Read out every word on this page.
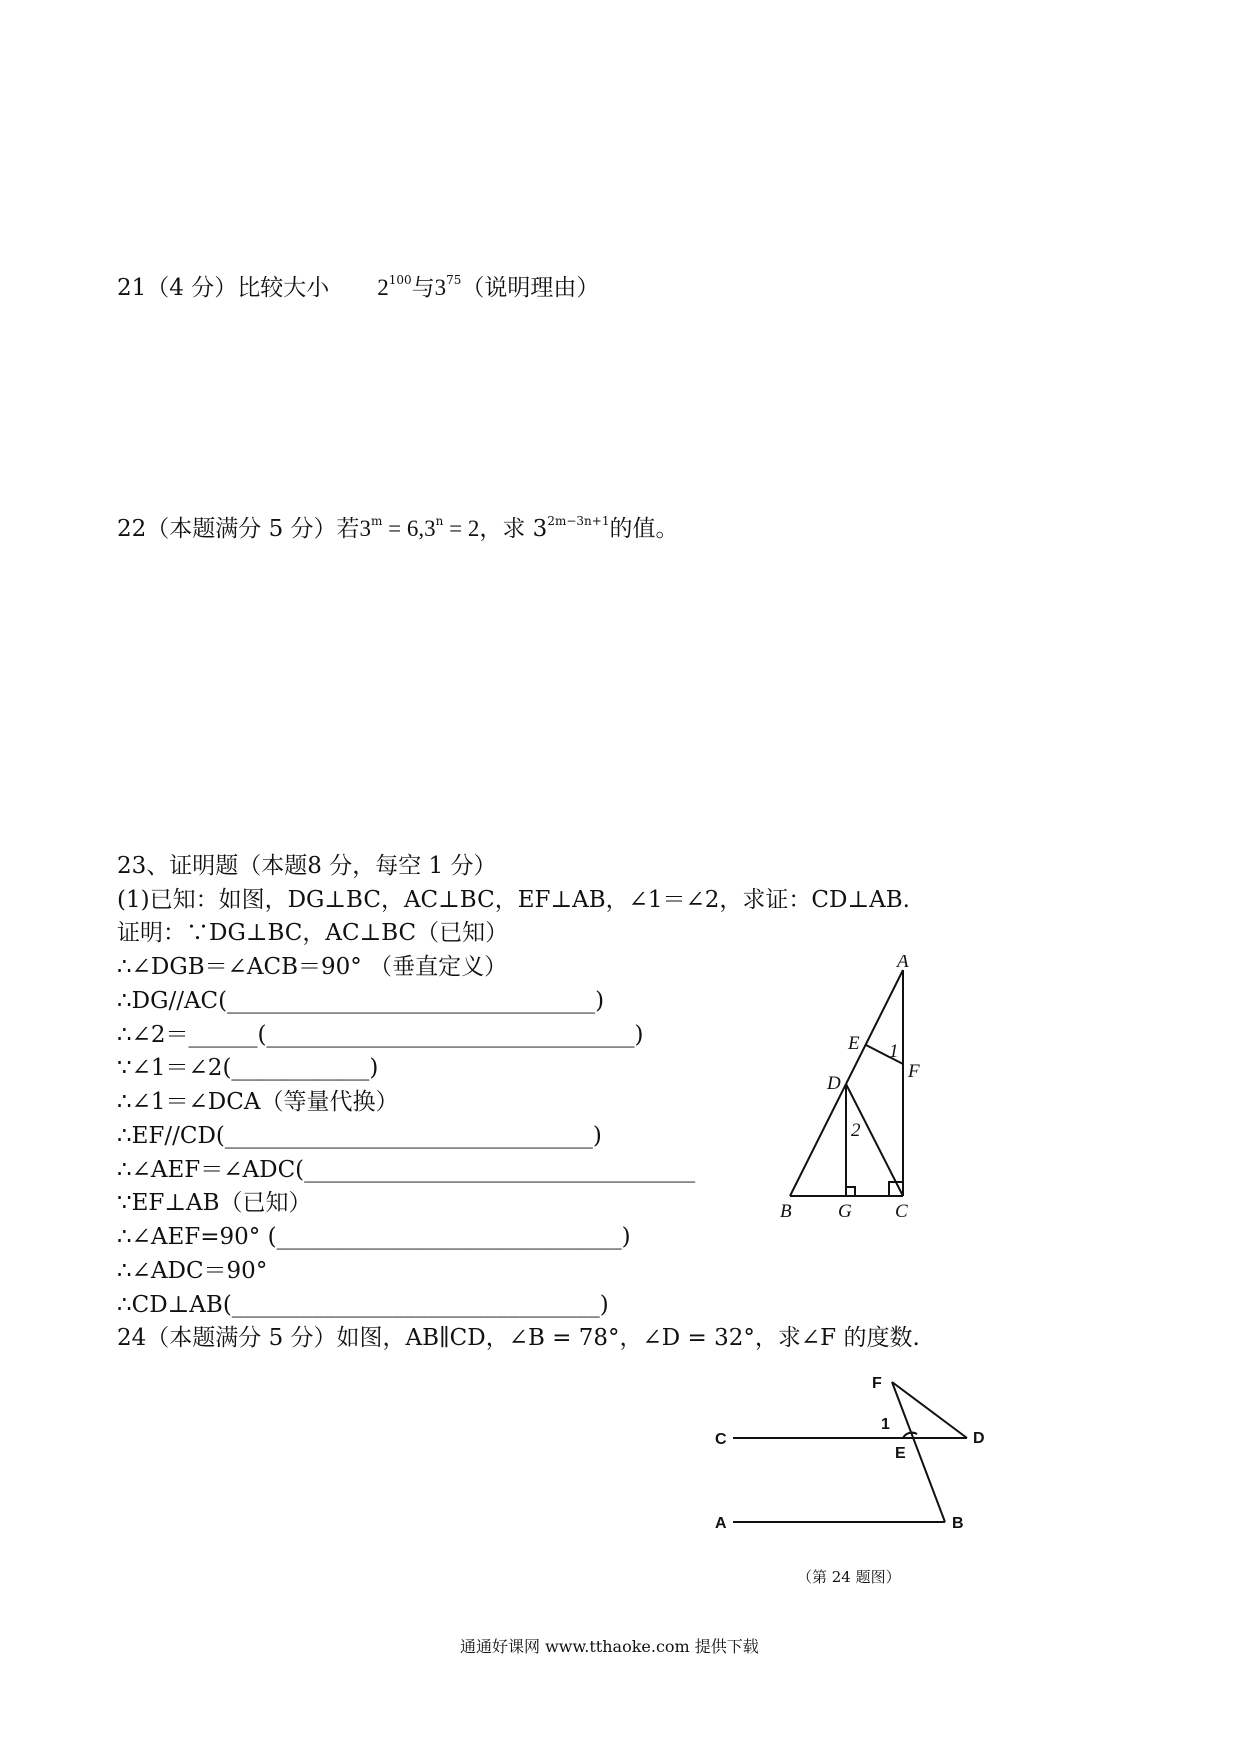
21（4 分）比较大小 $2^{100}$与$3^{75}$（说明理由）
22（本题满分 5 分）若$3^m = 6,3^n = 2$，求 $3^{2m-3n+1}$的值。
23、证明题（本题8 分，每空 1 分）
(1)已知：如图，DG⊥BC，AC⊥BC，EF⊥AB，∠1＝∠2，求证：CD⊥AB.
证明：∵DG⊥BC，AC⊥BC（已知）
∴∠DGB＝∠ACB＝90° （垂直定义）
∴DG//AC(________________________________)
∴∠2＝______(________________________________)
∵∠1＝∠2(____________)
∴∠1＝∠DCA（等量代换）
∴EF//CD(________________________________)
∴∠AEF＝∠ADC(__________________________________
∵EF⊥AB（已知）
∴∠AEF=90° (______________________________)
∴∠ADC＝90°
∴CD⊥AB(________________________________)
A
E 1
F
D
2
B G C
24（本题满分 5 分）如图，AB∥CD，∠B = 78°，∠D = 32°，求∠F 的度数.
F
1
C
E
D
A	B
（第 24 题图）
通通好课网 www.tthaoke.com 提供下载
